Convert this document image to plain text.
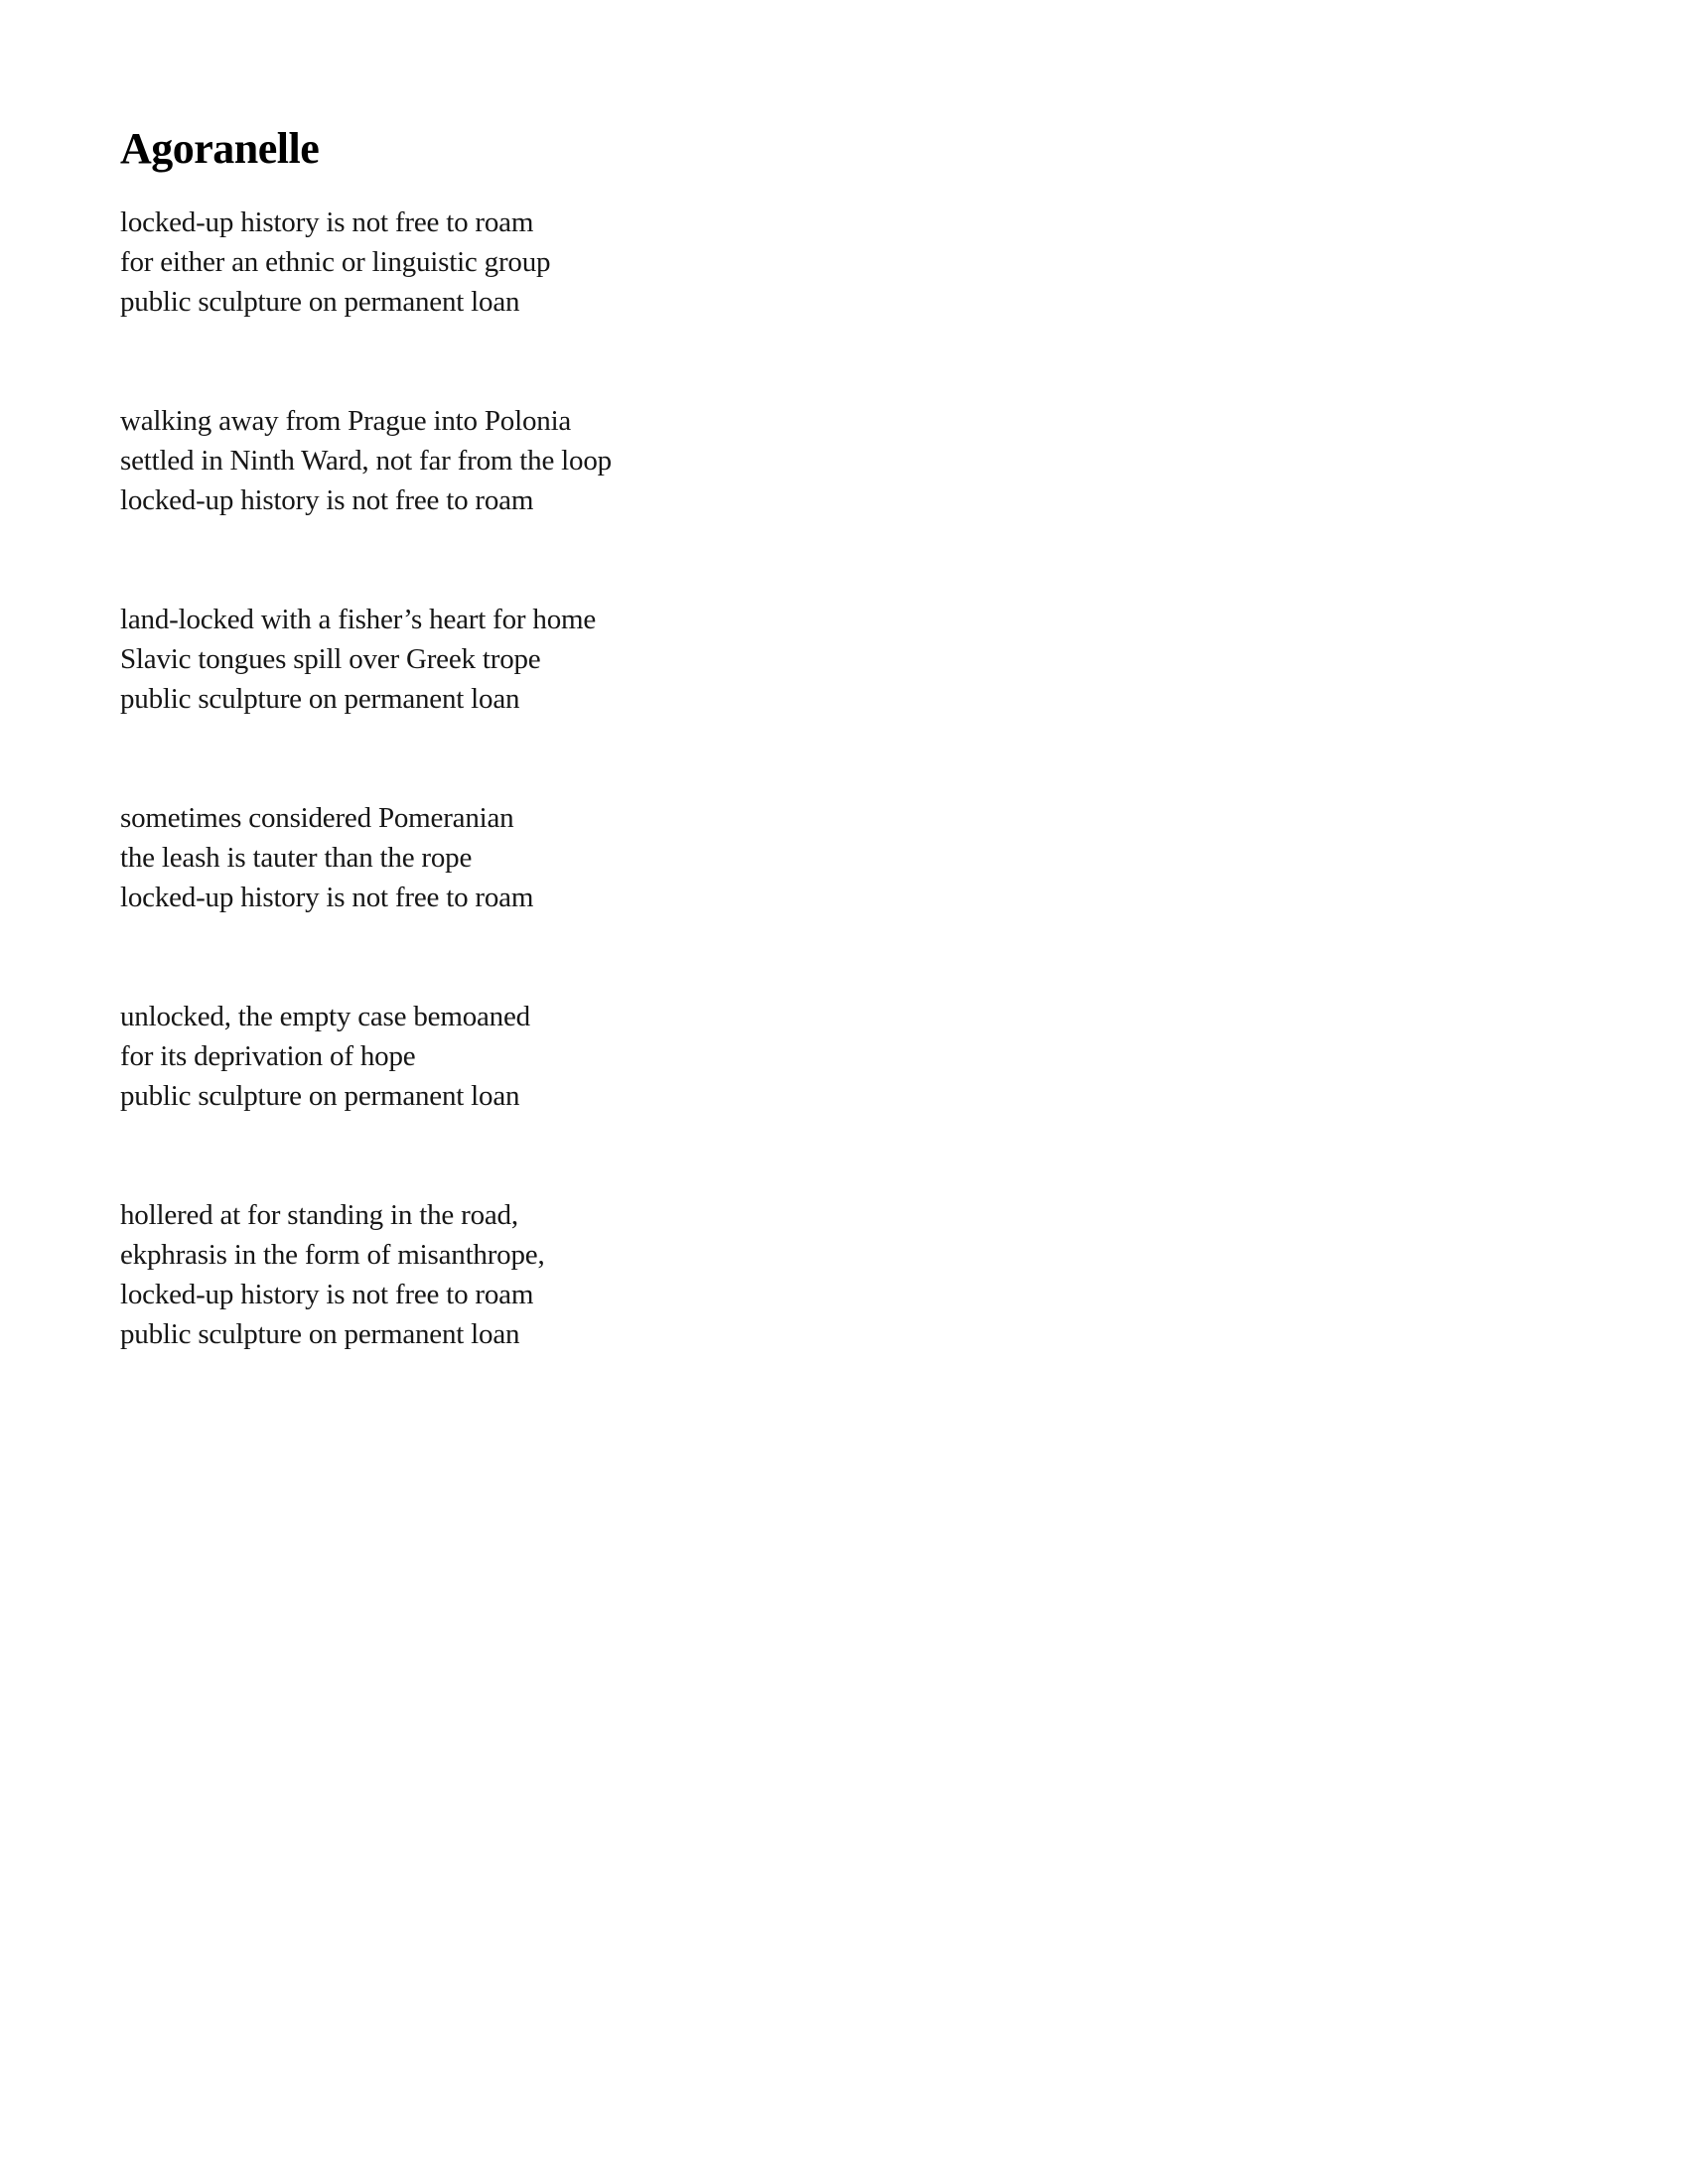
Agoranelle

locked-up history is not free to roam

for either an ethnic or linguistic group

public sculpture on permanent loan

walking away from Prague into Polonia

settled in Ninth Ward, not far from the loop

locked-up history is not free to roam

land-locked with a fisher’s heart for home

Slavic tongues spill over Greek trope

public sculpture on permanent loan

sometimes considered Pomeranian

the leash is tauter than the rope

locked-up history is not free to roam

unlocked, the empty case bemoaned

for its deprivation of hope

public sculpture on permanent loan

hollered at for standing in the road,

ekphrasis in the form of misanthrope,

locked-up history is not free to roam

public sculpture on permanent loan
